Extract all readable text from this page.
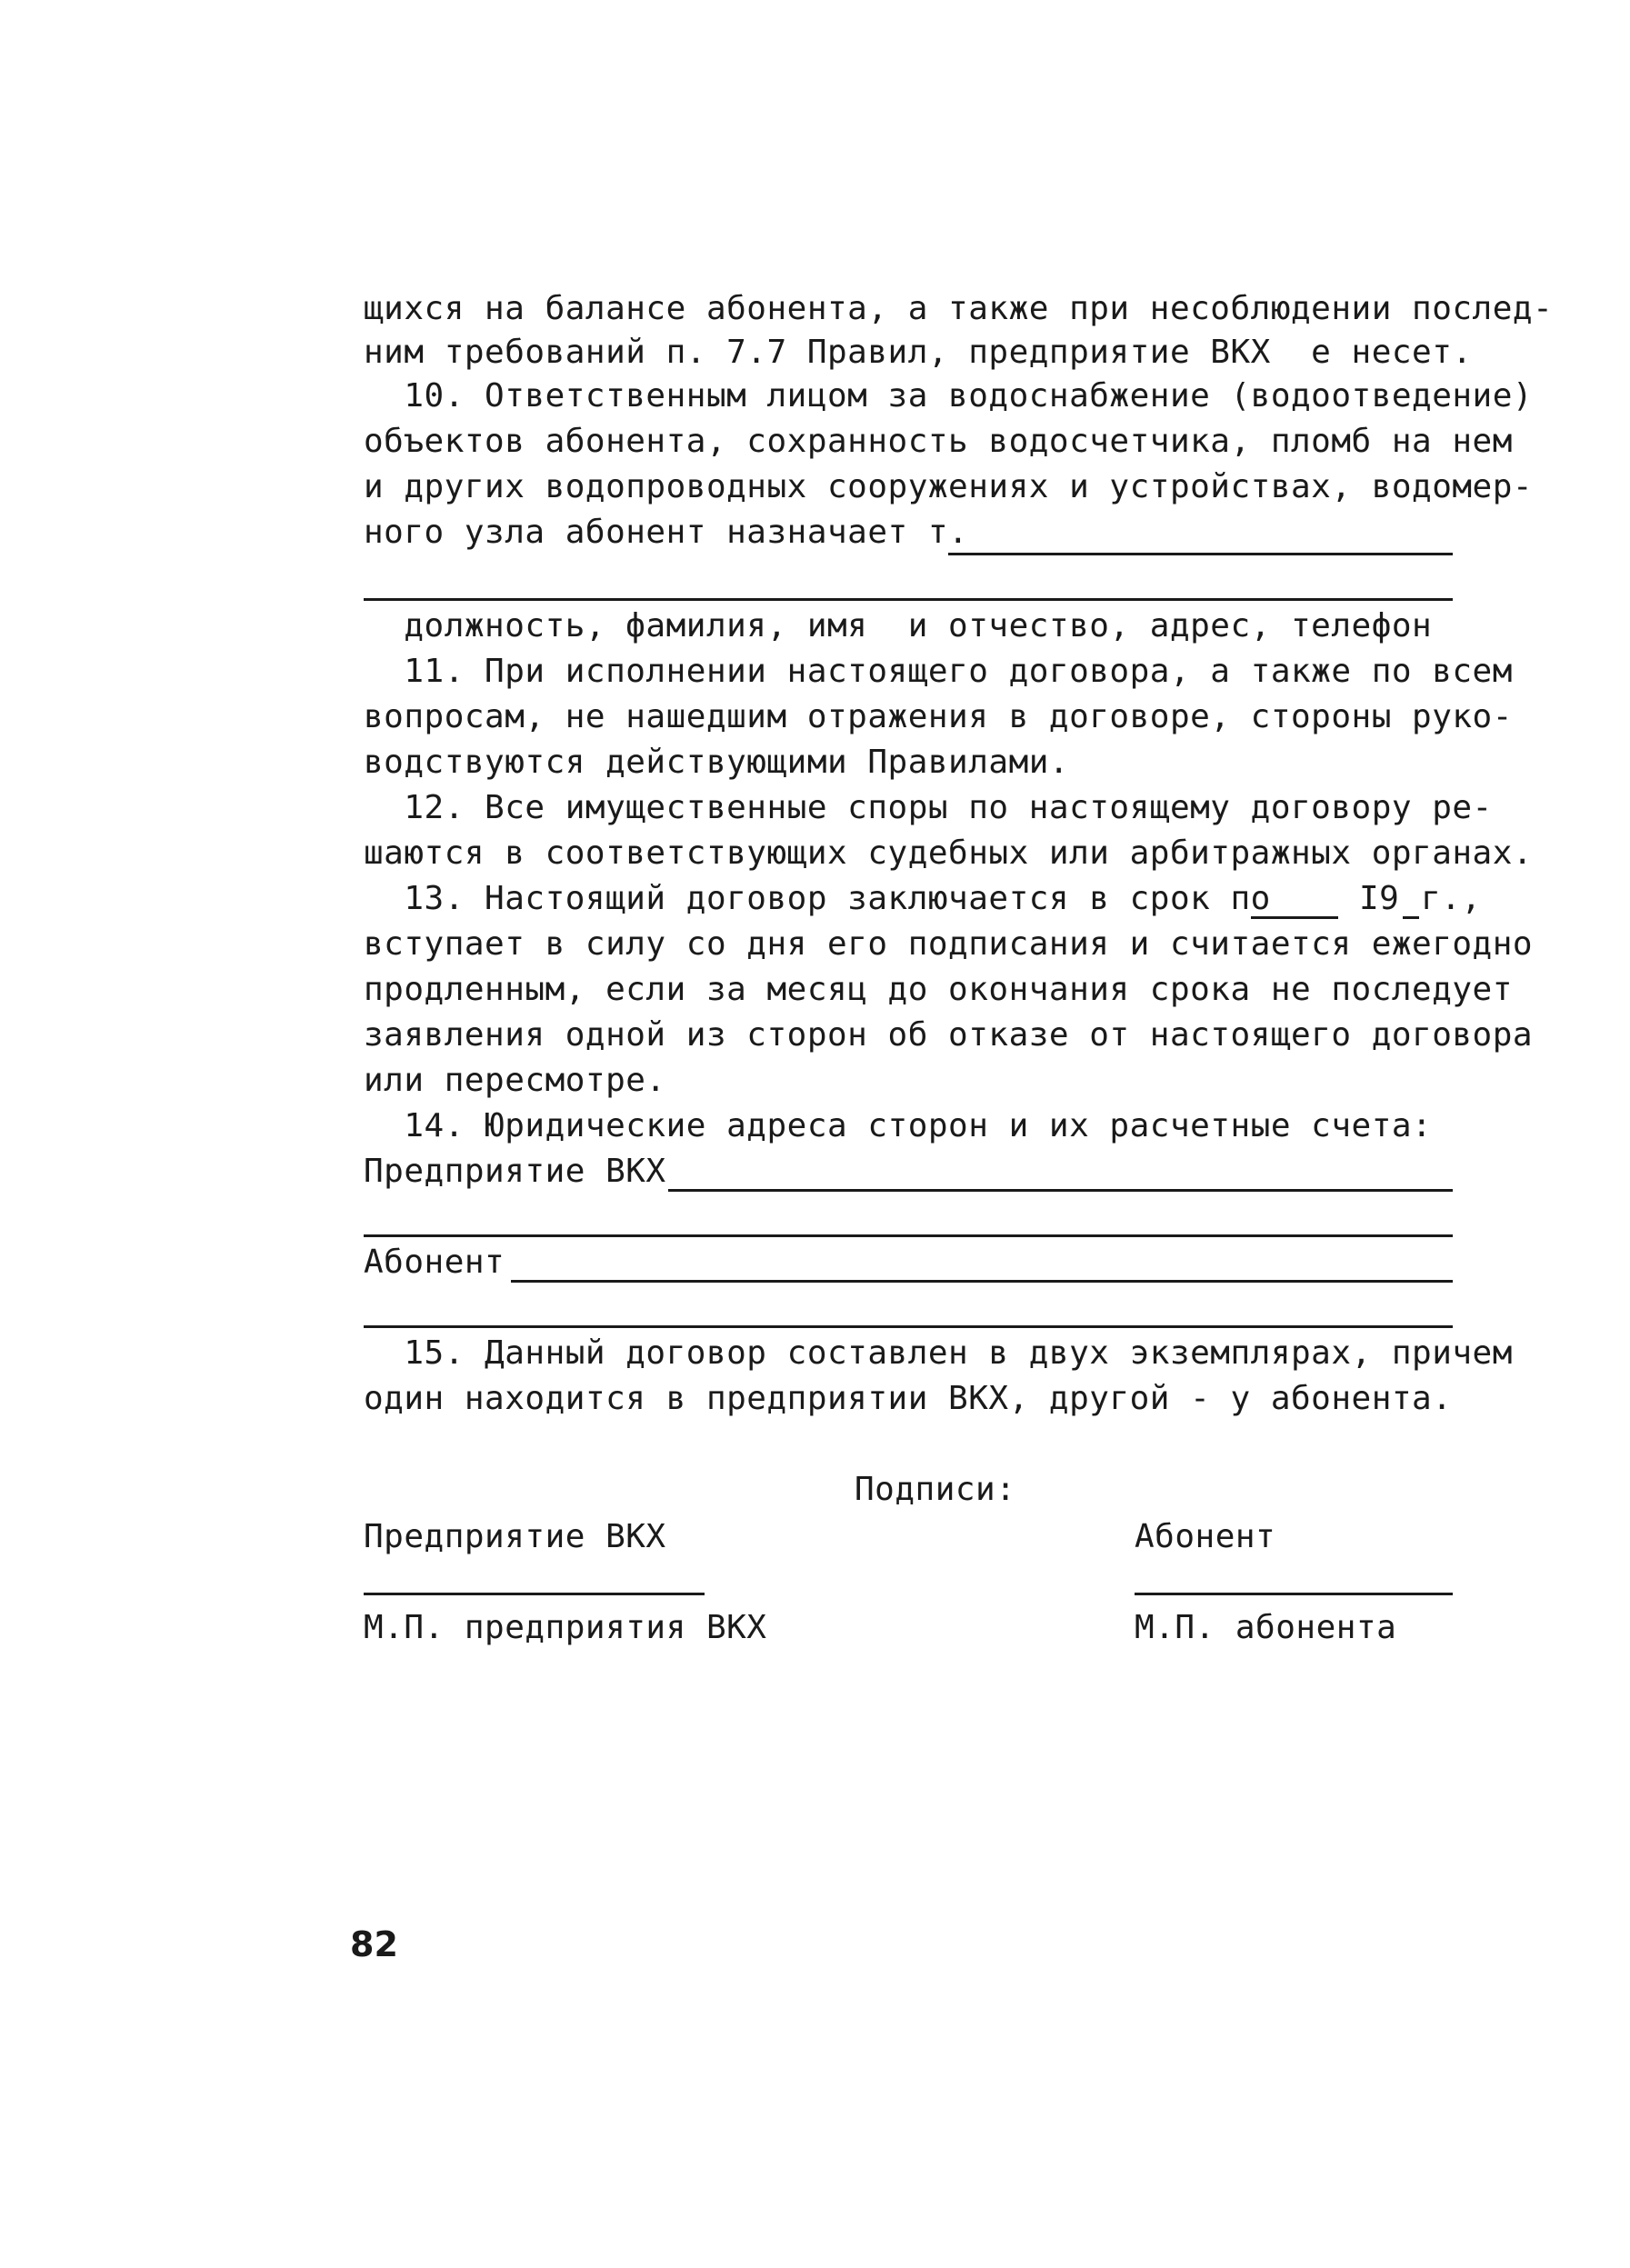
щихся на балансе абонента, а также при несоблюдении послед-
ним требований п. 7.7 Правил, предприятие ВКХ  е несет.
10. Ответственным лицом за водоснабжение (водоотведение)
объектов абонента, сохранность водосчетчика, пломб на нем
и других водопроводных сооружениях и устройствах, водомер-
ного узла абонент назначает т.
должность, фамилия, имя  и отчество, адрес, телефон
11. При исполнении настоящего договора, а также по всем
вопросам, не нашедшим отражения в договоре, стороны руко-
водствуются действующими Правилами.
12. Все имущественные споры по настоящему договору ре-
шаются в соответствующих судебных или арбитражных органах.
13. Настоящий договор заключается в срок по	I9 г.,
вступает в силу со дня его подписания и считается ежегодно
продленным, если за месяц до окончания срока не последует
заявления одной из сторон об отказе от настоящего договора
или пересмотре.
14. Юридические адреса сторон и их расчетные счета:
Предприятие ВКХ
Абонент
15. Данный договор составлен в двух экземплярах, причем
один находится в предприятии ВКХ, другой - у абонента.
Подписи:
Предприятие ВКХ	Абонент
М.П. предприятия ВКХ	М.П. абонента
82
